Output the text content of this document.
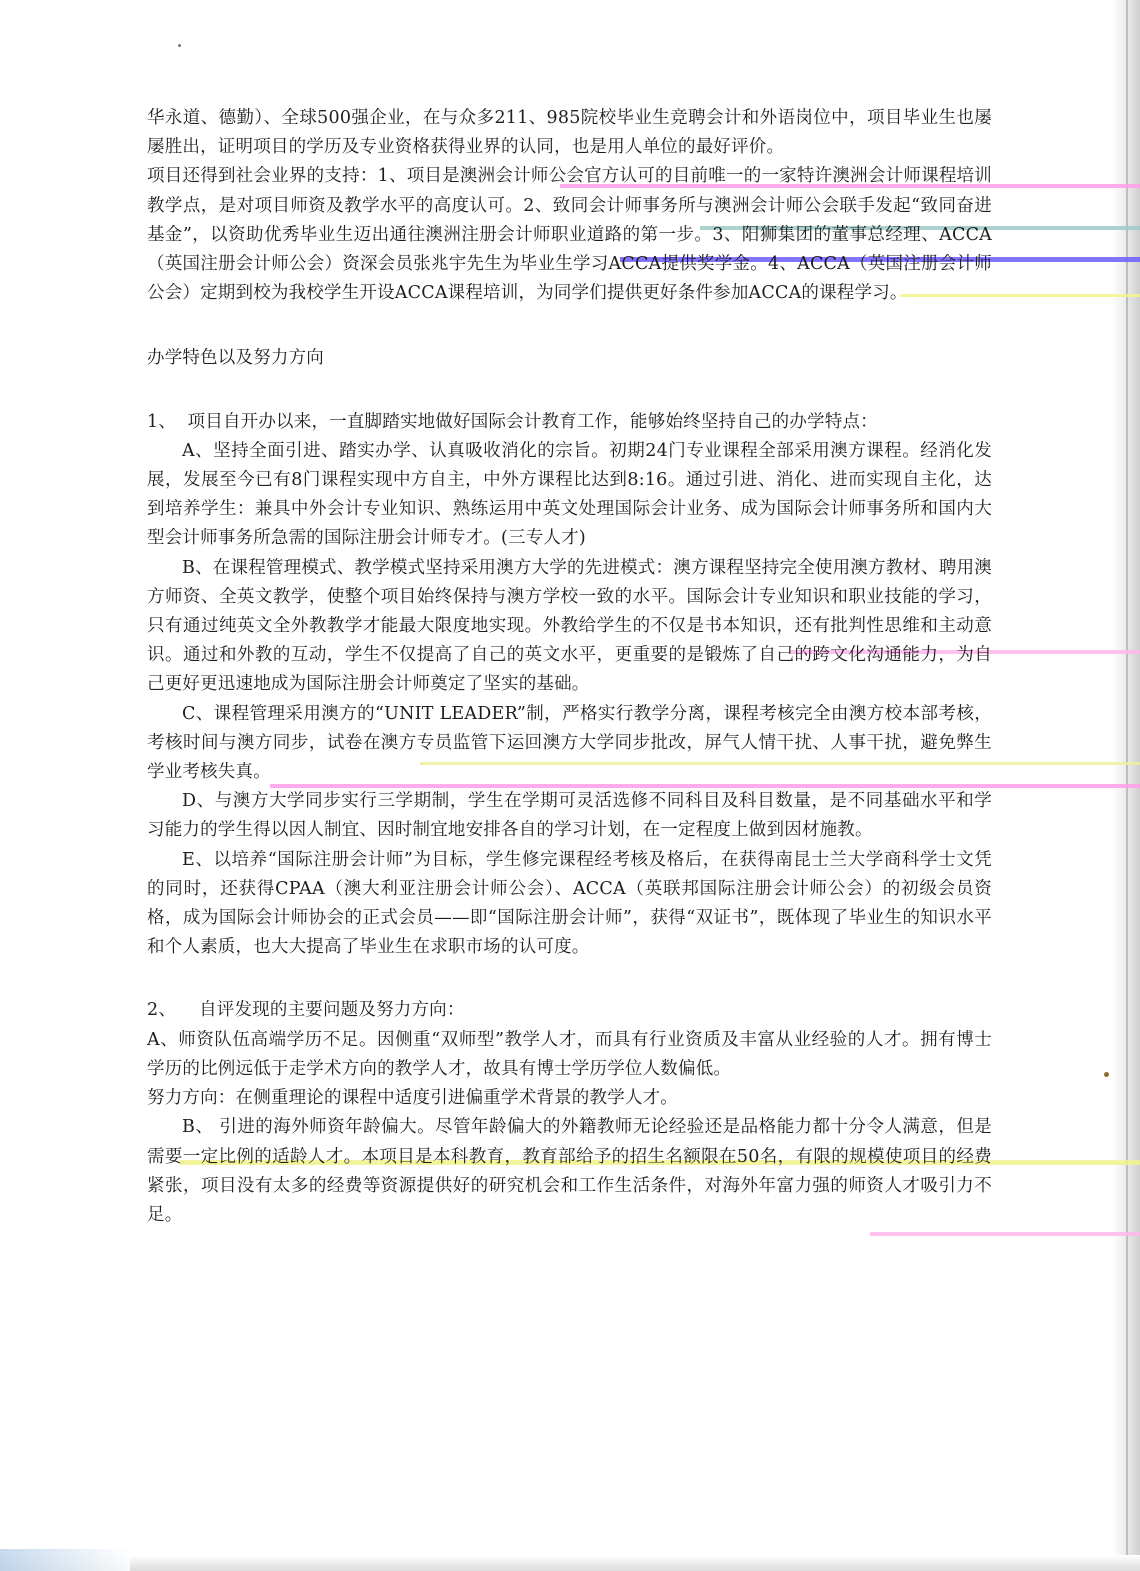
华永道、德勤）、全球500强企业，在与众多211、985院校毕业生竞聘会计和外语岗位中，项目毕业生也屡屡胜出，证明项目的学历及专业资格获得业界的认同，也是用人单位的最好评价。

项目还得到社会业界的支持：1、项目是澳洲会计师公会官方认可的目前唯一的一家特许澳洲会计师课程培训教学点，是对项目师资及教学水平的高度认可。2、致同会计师事务所与澳洲会计师公会联手发起“致同奋进基金”，以资助优秀毕业生迈出通往澳洲注册会计师职业道路的第一步。3、阳狮集团的董事总经理、ACCA（英国注册会计师公会）资深会员张兆宇先生为毕业生学习ACCA提供奖学金。4、ACCA（英国注册会计师公会）定期到校为我校学生开设ACCA课程培训，为同学们提供更好条件参加ACCA的课程学习。

办学特色以及努力方向

1、  项目自开办以来，一直脚踏实地做好国际会计教育工作，能够始终坚持自己的办学特点：

A、坚持全面引进、踏实办学、认真吸收消化的宗旨。初期24门专业课程全部采用澳方课程。经消化发展，发展至今已有8门课程实现中方自主，中外方课程比达到8:16。通过引进、消化、进而实现自主化，达到培养学生：兼具中外会计专业知识、熟练运用中英文处理国际会计业务、成为国际会计师事务所和国内大型会计师事务所急需的国际注册会计师专才。(三专人才)

B、在课程管理模式、教学模式坚持采用澳方大学的先进模式：澳方课程坚持完全使用澳方教材、聘用澳方师资、全英文教学，使整个项目始终保持与澳方学校一致的水平。国际会计专业知识和职业技能的学习，只有通过纯英文全外教教学才能最大限度地实现。外教给学生的不仅是书本知识，还有批判性思维和主动意识。通过和外教的互动，学生不仅提高了自己的英文水平，更重要的是锻炼了自己的跨文化沟通能力，为自己更好更迅速地成为国际注册会计师奠定了坚实的基础。

C、课程管理采用澳方的“UNIT LEADER”制，严格实行教学分离，课程考核完全由澳方校本部考核，考核时间与澳方同步，试卷在澳方专员监管下运回澳方大学同步批改，屏气人情干扰、人事干扰，避免弊生学业考核失真。

D、与澳方大学同步实行三学期制，学生在学期可灵活选修不同科目及科目数量，是不同基础水平和学习能力的学生得以因人制宜、因时制宜地安排各自的学习计划，在一定程度上做到因材施教。

E、以培养“国际注册会计师”为目标，学生修完课程经考核及格后，在获得南昆士兰大学商科学士文凭的同时，还获得CPAA（澳大利亚注册会计师公会）、ACCA（英联邦国际注册会计师公会）的初级会员资格，成为国际会计师协会的正式会员——即“国际注册会计师”，获得“双证书”，既体现了毕业生的知识水平和个人素质，也大大提高了毕业生在求职市场的认可度。

2、    自评发现的主要问题及努力方向：

A、师资队伍高端学历不足。因侧重“双师型”教学人才，而具有行业资质及丰富从业经验的人才。拥有博士学历的比例远低于走学术方向的教学人才，故具有博士学历学位人数偏低。

努力方向：在侧重理论的课程中适度引进偏重学术背景的教学人才。

B、 引进的海外师资年龄偏大。尽管年龄偏大的外籍教师无论经验还是品格能力都十分令人满意，但是需要一定比例的适龄人才。本项目是本科教育，教育部给予的招生名额限在50名，有限的规模使项目的经费紧张，项目没有太多的经费等资源提供好的研究机会和工作生活条件，对海外年富力强的师资人才吸引力不足。
